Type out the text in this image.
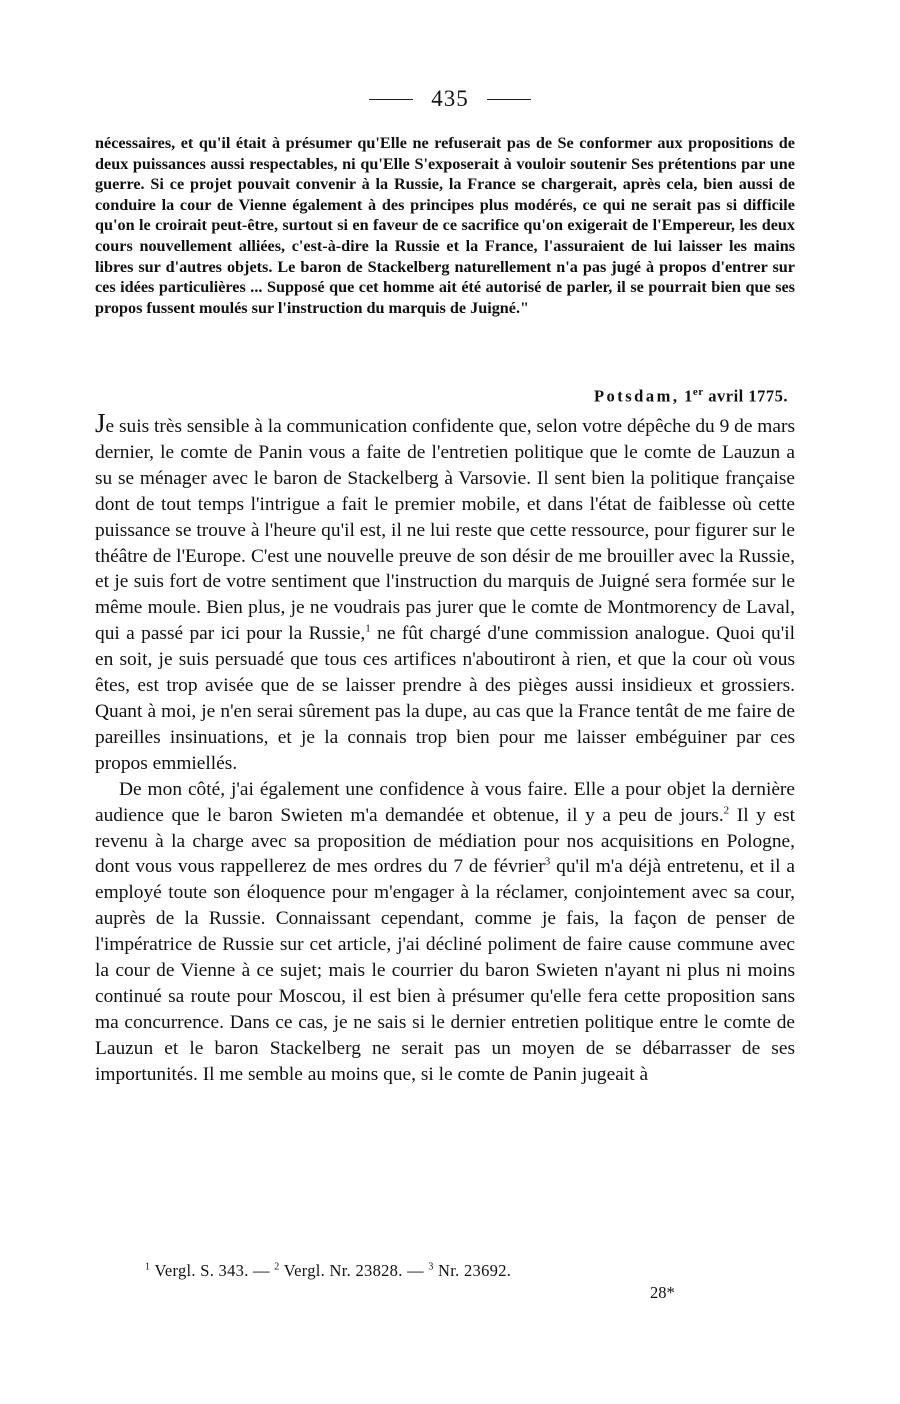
435
nécessaires, et qu'il était à présumer qu'Elle ne refuserait pas de Se conformer aux propositions de deux puissances aussi respectables, ni qu'Elle S'exposerait à vouloir soutenir Ses prétentions par une guerre. Si ce projet pouvait convenir à la Russie, la France se chargerait, après cela, bien aussi de conduire la cour de Vienne également à des principes plus modérés, ce qui ne serait pas si difficile qu'on le croirait peut-être, surtout si en faveur de ce sacrifice qu'on exigerait de l'Empereur, les deux cours nouvellement alliées, c'est-à-dire la Russie et la France, l'assuraient de lui laisser les mains libres sur d'autres objets. Le baron de Stackelberg naturellement n'a pas jugé à propos d'entrer sur ces idées particulières ... Supposé que cet homme ait été autorisé de parler, il se pourrait bien que ses propos fussent moulés sur l'instruction du marquis de Juigné."
Potsdam, 1er avril 1775.

Je suis très sensible à la communication confidente que, selon votre dépêche du 9 de mars dernier, le comte de Panin vous a faite de l'entretien politique que le comte de Lauzun a su se ménager avec le baron de Stackelberg à Varsovie. Il sent bien la politique française dont de tout temps l'intrigue a fait le premier mobile, et dans l'état de faiblesse où cette puissance se trouve à l'heure qu'il est, il ne lui reste que cette ressource, pour figurer sur le théâtre de l'Europe. C'est une nouvelle preuve de son désir de me brouiller avec la Russie, et je suis fort de votre sentiment que l'instruction du marquis de Juigné sera formée sur le même moule. Bien plus, je ne voudrais pas jurer que le comte de Montmorency de Laval, qui a passé par ici pour la Russie,$^1$ ne fût chargé d'une commission analogue. Quoi qu'il en soit, je suis persuadé que tous ces artifices n'aboutiront à rien, et que la cour où vous êtes, est trop avisée que de se laisser prendre à des pièges aussi insidieux et grossiers. Quant à moi, je n'en serai sûrement pas la dupe, au cas que la France tentât de me faire de pareilles insinuations, et je la connais trop bien pour me laisser embéguiner par ces propos emmiellés.

De mon côté, j'ai également une confidence à vous faire. Elle a pour objet la dernière audience que le baron Swieten m'a demandée et obtenue, il y a peu de jours.$^2$ Il y est revenu à la charge avec sa proposition de médiation pour nos acquisitions en Pologne, dont vous vous rappellerez de mes ordres du 7 de février$^3$ qu'il m'a déjà entretenu, et il a employé toute son éloquence pour m'engager à la réclamer, conjointement avec sa cour, auprès de la Russie. Connaissant cependant, comme je fais, la façon de penser de l'impératrice de Russie sur cet article, j'ai décliné poliment de faire cause commune avec la cour de Vienne à ce sujet; mais le courrier du baron Swieten n'ayant ni plus ni moins continué sa route pour Moscou, il est bien à présumer qu'elle fera cette proposition sans ma concurrence. Dans ce cas, je ne sais si le dernier entretien politique entre le comte de Lauzun et le baron Stackelberg ne serait pas un moyen de se débarrasser de ses importunités. Il me semble au moins que, si le comte de Panin jugeait à

$^1$ Vergl. S. 343. — $^2$ Vergl. Nr. 23828. — $^3$ Nr. 23692.
28*
